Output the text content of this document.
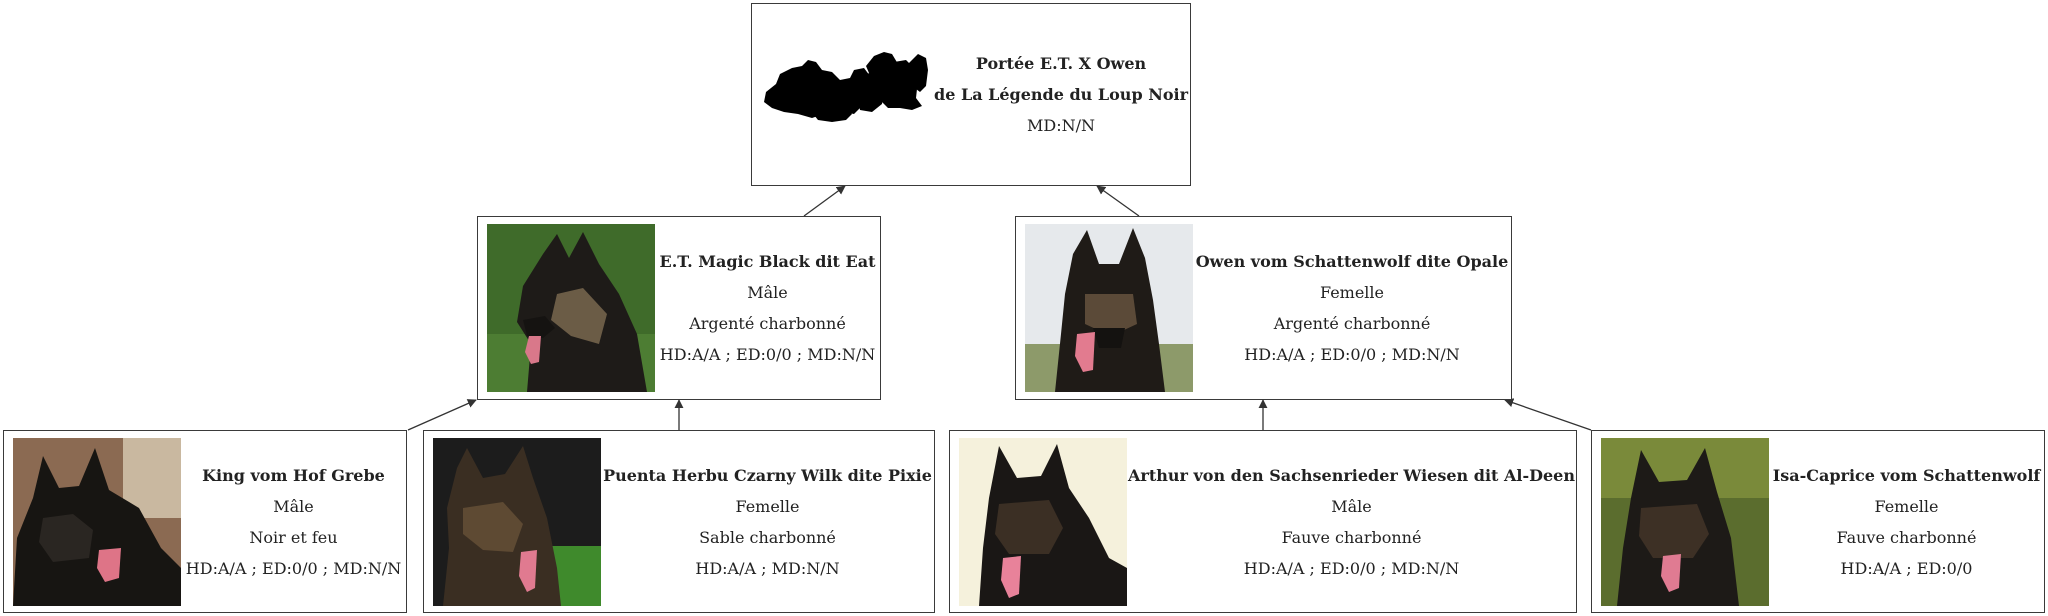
Portée E.T. X Owen
de La Légende du Loup Noir
MD:N/N
E.T. Magic Black dit Eat
Mâle
Argenté charbonné
HD:A/A ; ED:0/0 ; MD:N/N
Owen vom Schattenwolf dite Opale
Femelle
Argenté charbonné
HD:A/A ; ED:0/0 ; MD:N/N
King vom Hof Grebe
Mâle
Noir et feu
HD:A/A ; ED:0/0 ; MD:N/N
Puenta Herbu Czarny Wilk dite Pixie
Femelle
Sable charbonné
HD:A/A ; MD:N/N
Arthur von den Sachsenrieder Wiesen dit Al-Deen
Mâle
Fauve charbonné
HD:A/A ; ED:0/0 ; MD:N/N
Isa-Caprice vom Schattenwolf
Femelle
Fauve charbonné
HD:A/A ; ED:0/0
